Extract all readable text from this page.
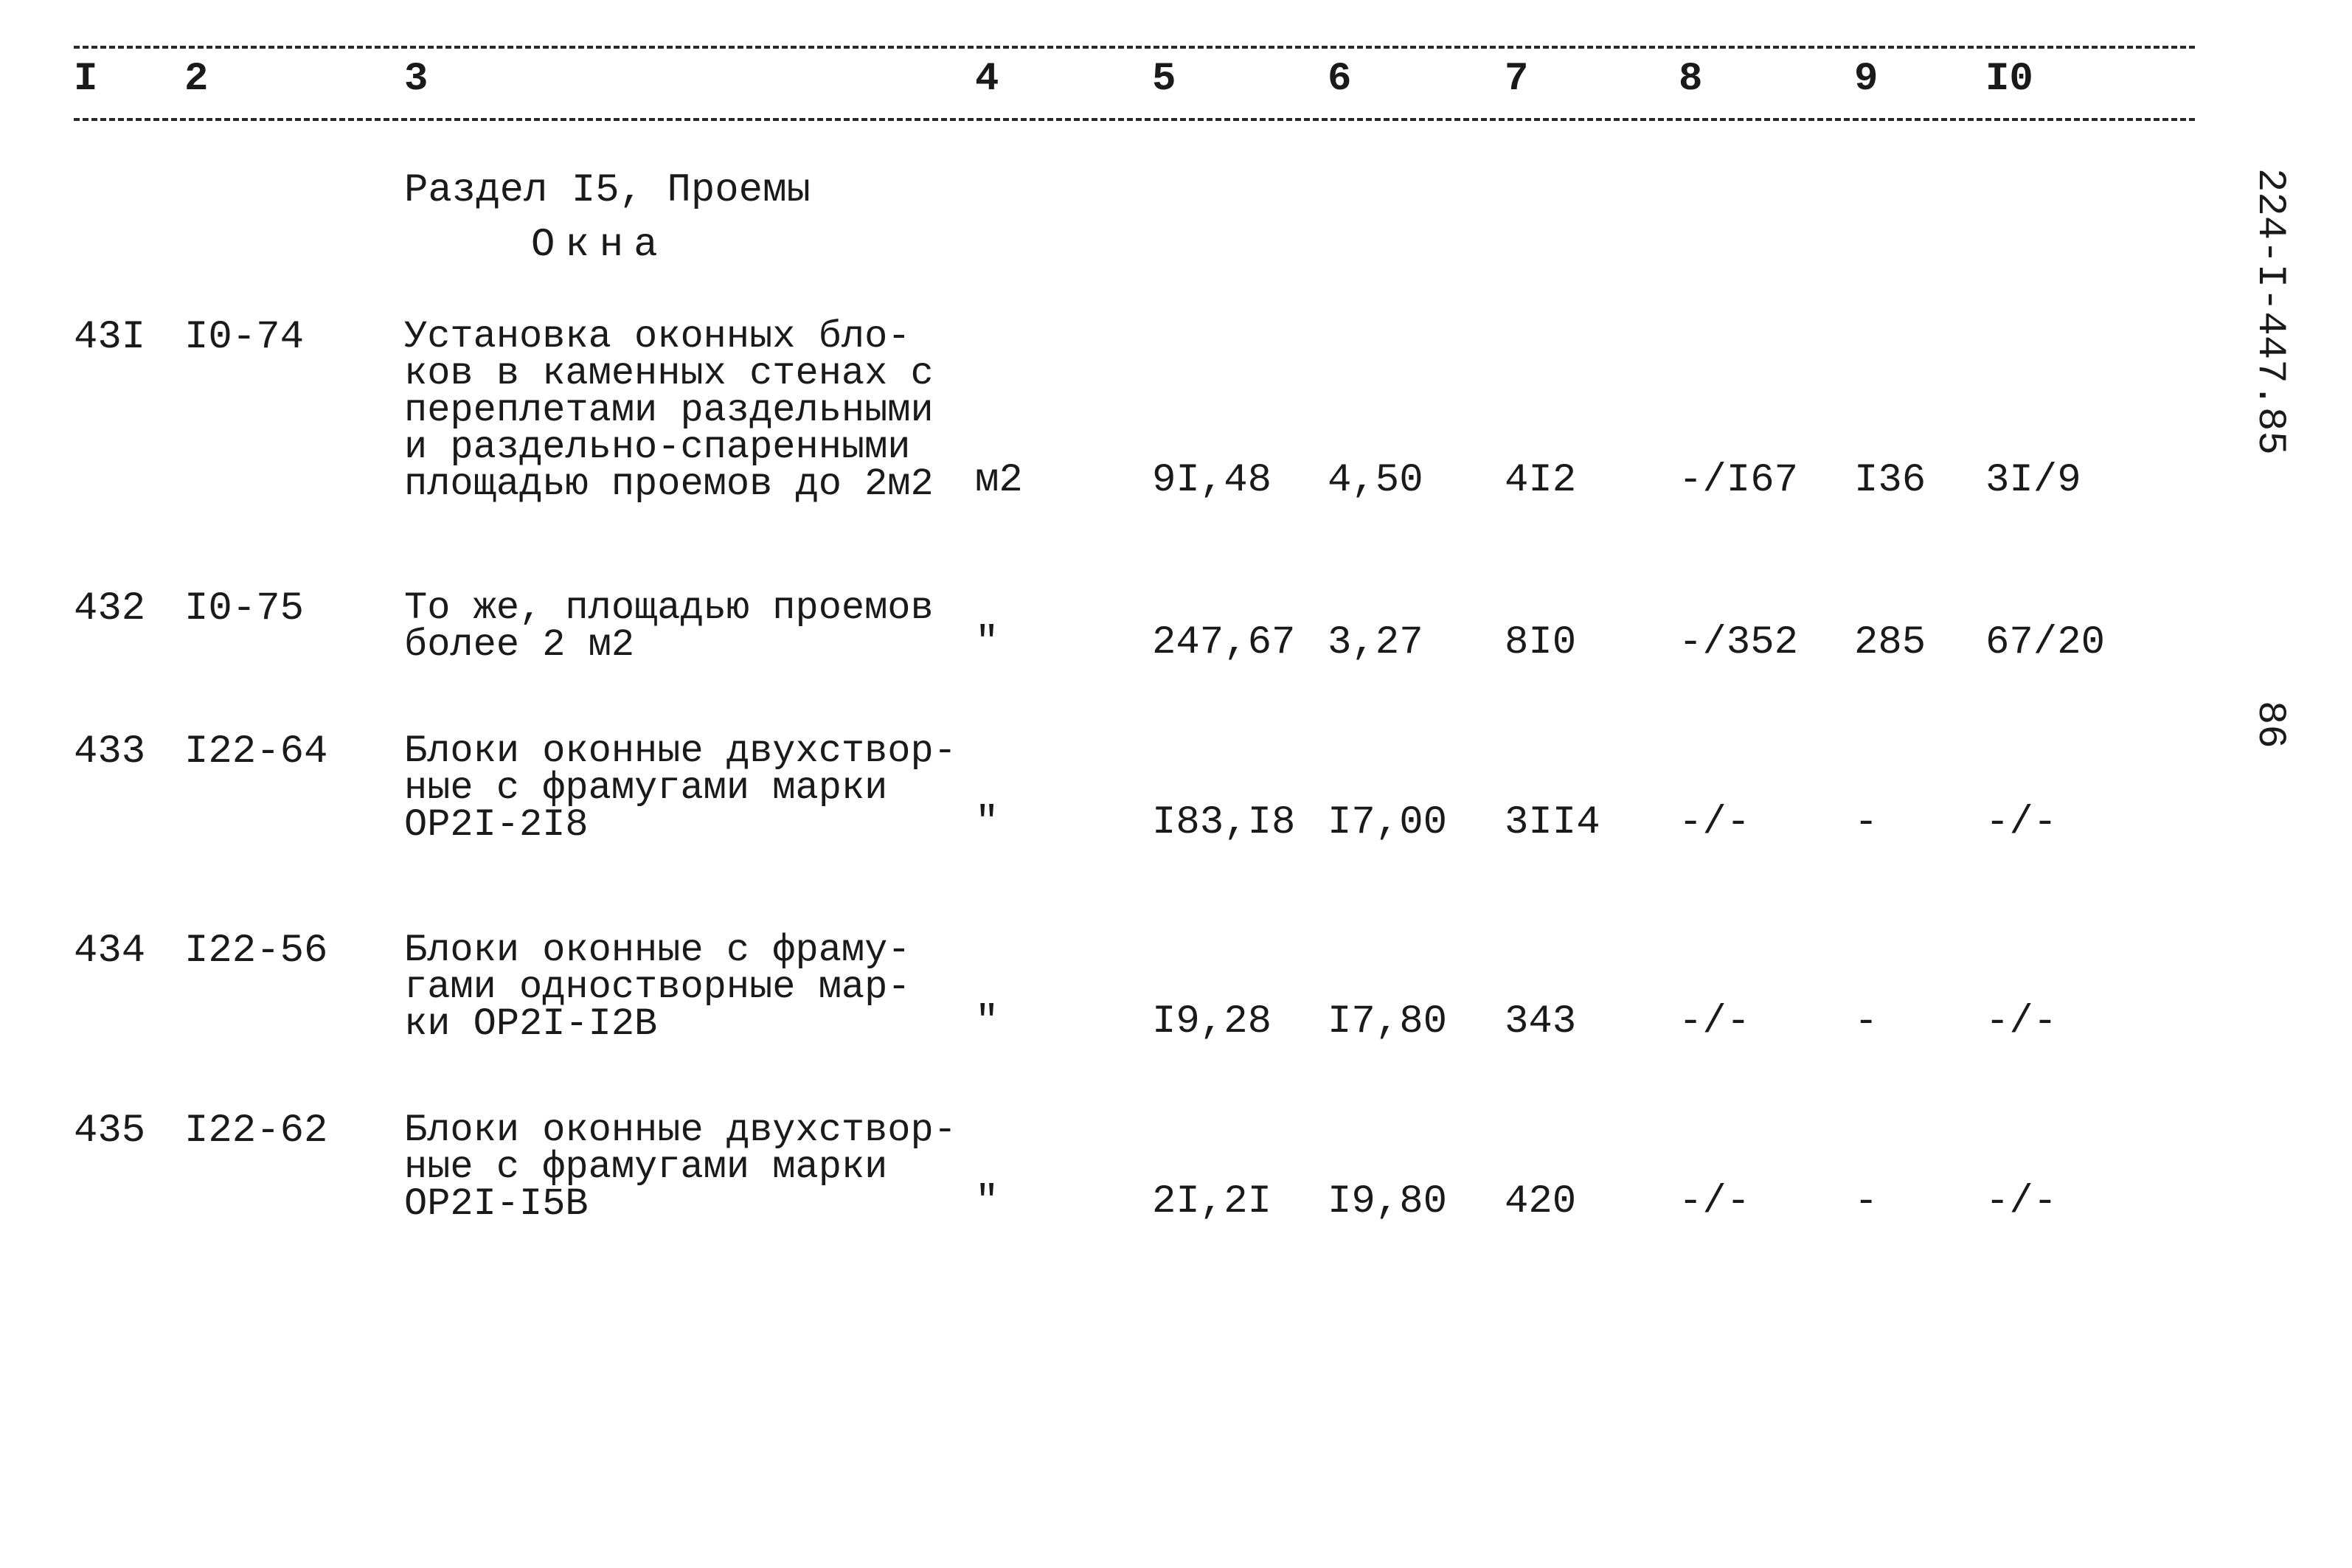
I 2	3	4	5	6	7	8	9	I0
Раздел I5, Проемы
Окна
43I I0-74	Установка оконных бло-
ков в каменных стенах с
переплетами раздельными
и раздельно-спаренными
площадью проемов до 2м2 м2	9I,48 4,50 4I2	-/I67 I36 3I/9
432 I0-75	То же, площадью проемов
более 2 м2	"	247,67 3,27 8I0	-/352 285 67/20
433 I22-64 Блоки оконные двухствор-
ные с фрамугами марки
ОР2I-2I8	"	I83,I8 I7,00 3II4 -/-	-	-/-
434 I22-56 Блоки оконные с фраму-
гами одностворные мар-
ки ОР2I-I2В	"	I9,28 I7,80 343	-/-	-	-/-
435 I22-62 Блоки оконные двухствор-
ные с фрамугами марки
ОР2I-I5В	"	2I,2I I9,80 420	-/-	-	-/-
224-I-447.85
86
